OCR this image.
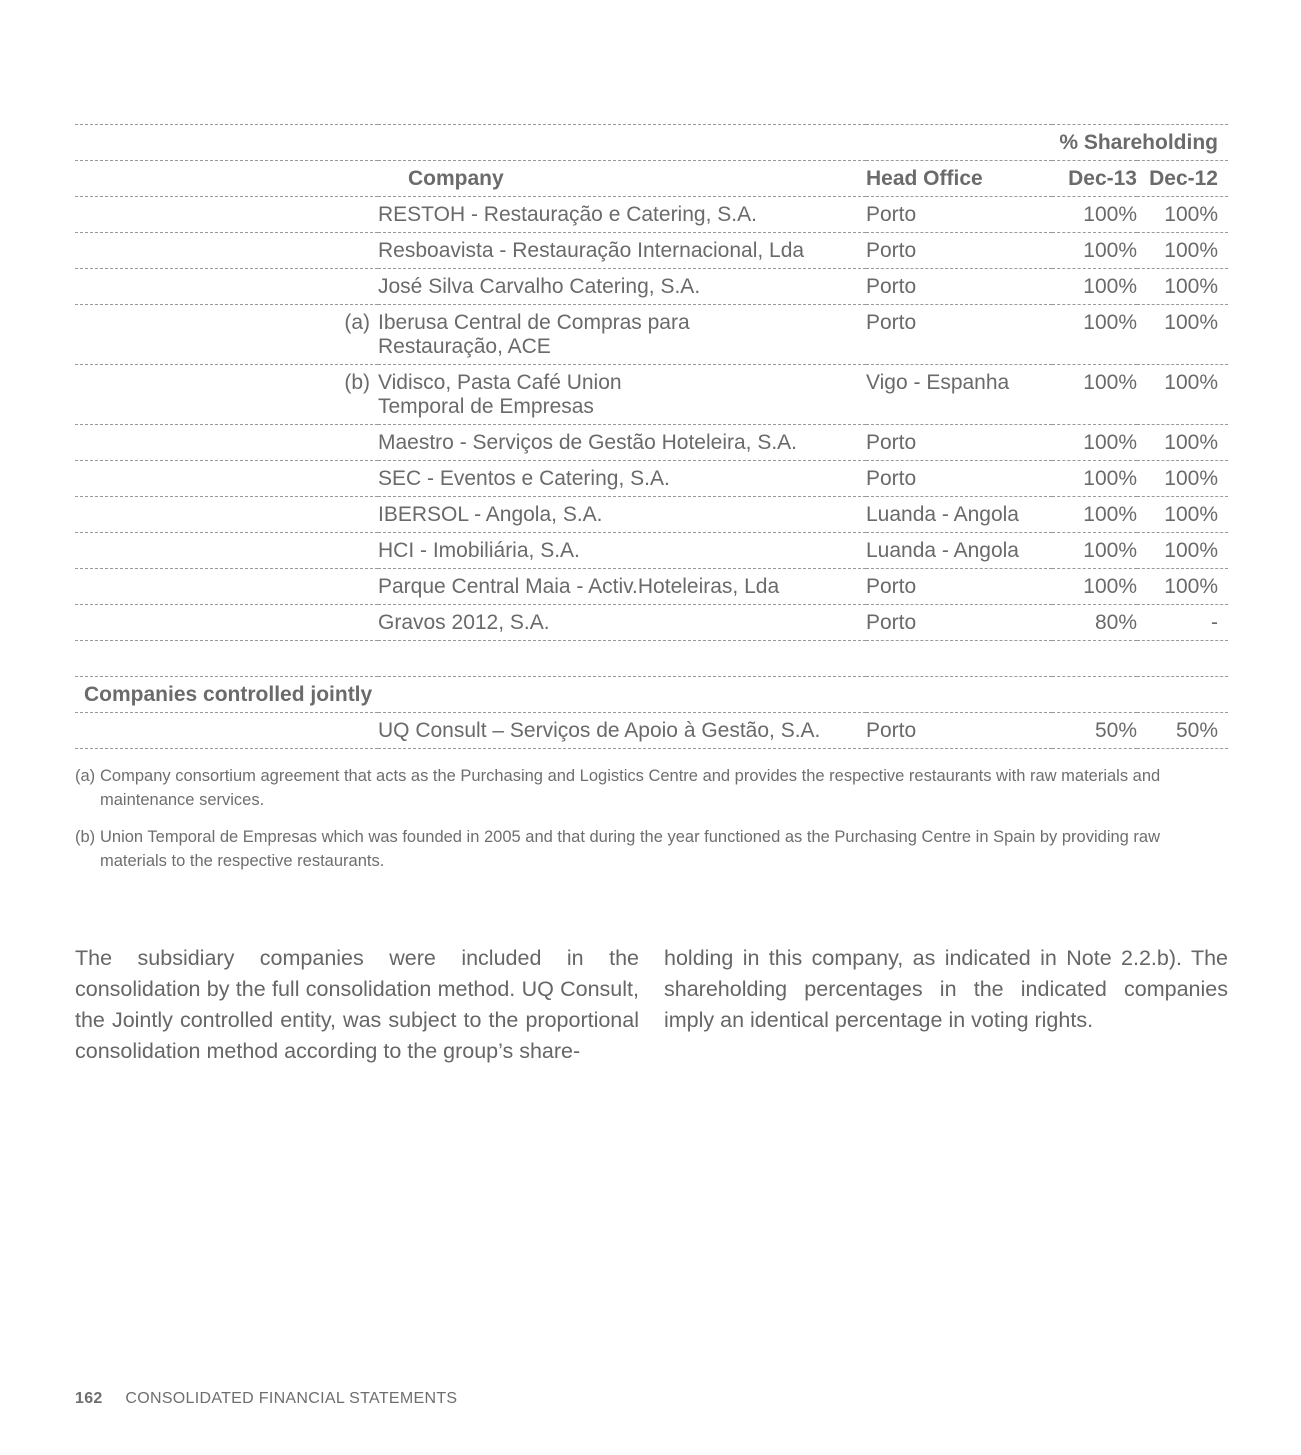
			% Shareholding	
	Company	Head Office	Dec-13	Dec-12
	RESTOH - Restauração e Catering, S.A.	Porto	100%	100%
	Resboavista - Restauração Internacional, Lda	Porto	100%	100%
	José Silva Carvalho Catering, S.A.	Porto	100%	100%
(a)	Iberusa Central de Compras para
Restauração, ACE	Porto	100%	100%
(b)	Vidisco, Pasta Café Union
Temporal de Empresas	Vigo - Espanha	100%	100%
	Maestro - Serviços de Gestão Hoteleira, S.A.	Porto	100%	100%
	SEC - Eventos e Catering, S.A.	Porto	100%	100%
	IBERSOL - Angola, S.A.	Luanda - Angola	100%	100%
	HCI - Imobiliária, S.A.	Luanda - Angola	100%	100%
	Parque Central Maia - Activ.Hoteleiras, Lda	Porto	100%	100%
	Gravos 2012, S.A.	Porto	80%	-

Companies controlled jointly				
	UQ Consult – Serviços de Apoio à Gestão, S.A.	Porto	50%	50%
(a) Company consortium agreement that acts as the Purchasing and Logistics Centre and provides the respective restaurants with raw materials and maintenance services.
(b) Union Temporal de Empresas which was founded in 2005 and that during the year functioned as the Purchasing Centre in Spain by providing raw materials to the respective restaurants.
The subsidiary companies were included in the consolidation by the full consolidation method. UQ Consult, the Jointly controlled entity, was subject to the proportional consolidation method according to the group’s share-
holding in this company, as indicated in Note 2.2.b). The shareholding percentages in the indicated companies imply an identical percentage in voting rights.
162 CONSOLIDATED FINANCIAL STATEMENTS
